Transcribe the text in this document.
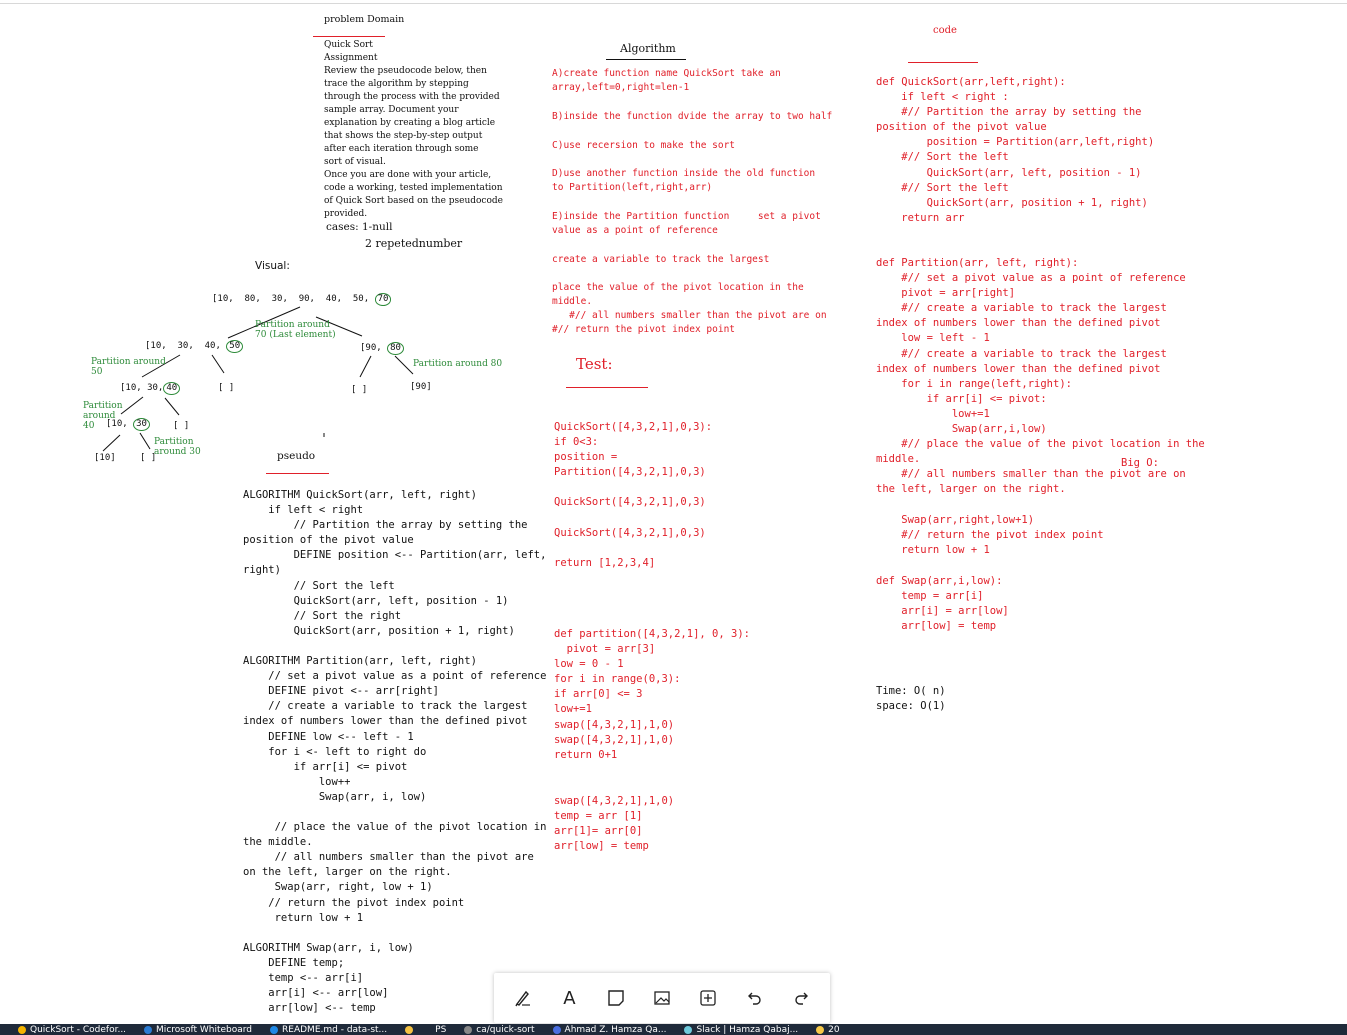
problem Domain
Quick Sort
Assignment
Review the pseudocode below, then
trace the algorithm by stepping
through the process with the provided
sample array. Document your
explanation by creating a blog article
that shows the step-by-step output
after each iteration through some
sort of visual.
Once you are done with your article,
code a working, tested implementation
of Quick Sort based on the pseudocode
provided.
cases: 1-null
2 repetednumber
Visual:
[10,  80,  30,  90,  40,  50, 70
Partition around
70 (Last element)
[10,  30,  40, 50	[90, 80
Partition around
50
Partition around 80
[10, 30, 40	[ ]	[ ]	[90]
Partition
around
40	[10, 30	[ ]
Partition
around 30
[10]	[ ]	pseudo
ALGORITHM QuickSort(arr, left, right)
if left < right
// Partition the array by setting the
position of the pivot value
DEFINE position <-- Partition(arr, left,
right)
// Sort the left
QuickSort(arr, left, position - 1)
// Sort the right
QuickSort(arr, position + 1, right)

ALGORITHM Partition(arr, left, right)
// set a pivot value as a point of reference
DEFINE pivot <-- arr[right]
// create a variable to track the largest
index of numbers lower than the defined pivot
DEFINE low <-- left - 1
for i <- left to right do
if arr[i] <= pivot
low++
Swap(arr, i, low)

// place the value of the pivot location in
the middle.
// all numbers smaller than the pivot are
on the left, larger on the right.
Swap(arr, right, low + 1)
// return the pivot index point
return low + 1

ALGORITHM Swap(arr, i, low)
DEFINE temp;
temp <-- arr[i]
arr[i] <-- arr[low]
arr[low] <-- temp
Algorithm
A)create function name QuickSort take an
array,left=0,right=len-1
B)inside the function dvide the array to two half
C)use recersion to make the sort
D)use another function inside the old function
to Partition(left,right,arr)
E)inside the Partition function     set a pivot
value as a point of reference
create a variable to track the largest
place the value of the pivot location in the
middle.
#// all numbers smaller than the pivot are on
#// return the pivot index point
Test:
QuickSort([4,3,2,1],0,3):
if 0<3:
position =
Partition([4,3,2,1],0,3)

QuickSort([4,3,2,1],0,3)

QuickSort([4,3,2,1],0,3)

return [1,2,3,4]
def partition([4,3,2,1], 0, 3):
pivot = arr[3]
low = 0 - 1
for i in range(0,3):
if arr[0] <= 3
low+=1
swap([4,3,2,1],1,0)
swap([4,3,2,1],1,0)
return 0+1
swap([4,3,2,1],1,0)
temp = arr [1]
arr[1]= arr[0]
arr[low] = temp
code
def QuickSort(arr,left,right):
if left < right :
#// Partition the array by setting the
position of the pivot value
position = Partition(arr,left,right)
#// Sort the left
QuickSort(arr, left, position - 1)
#// Sort the left
QuickSort(arr, position + 1, right)
return arr
def Partition(arr, left, right):
#// set a pivot value as a point of reference
pivot = arr[right]
#// create a variable to track the largest
index of numbers lower than the defined pivot
low = left - 1
#// create a variable to track the largest
index of numbers lower than the defined pivot
for i in range(left,right):
if arr[i] <= pivot:
low+=1
Swap(arr,i,low)
#// place the value of the pivot location in the
middle.
#// all numbers smaller than the pivot are on
the left, larger on the right.

Swap(arr,right,low+1)
#// return the pivot index point
return low + 1
Big O:
def Swap(arr,i,low):
temp = arr[i]
arr[i] = arr[low]
arr[low] = temp
Time: O( n)
space: O(1)
A
QuickSort - Codefor...	Microsoft Whiteboard	README.md - data-st...	PS	ca/quick-sort	Ahmad Z. Hamza Qa...	Slack | Hamza Qabaj...	20
